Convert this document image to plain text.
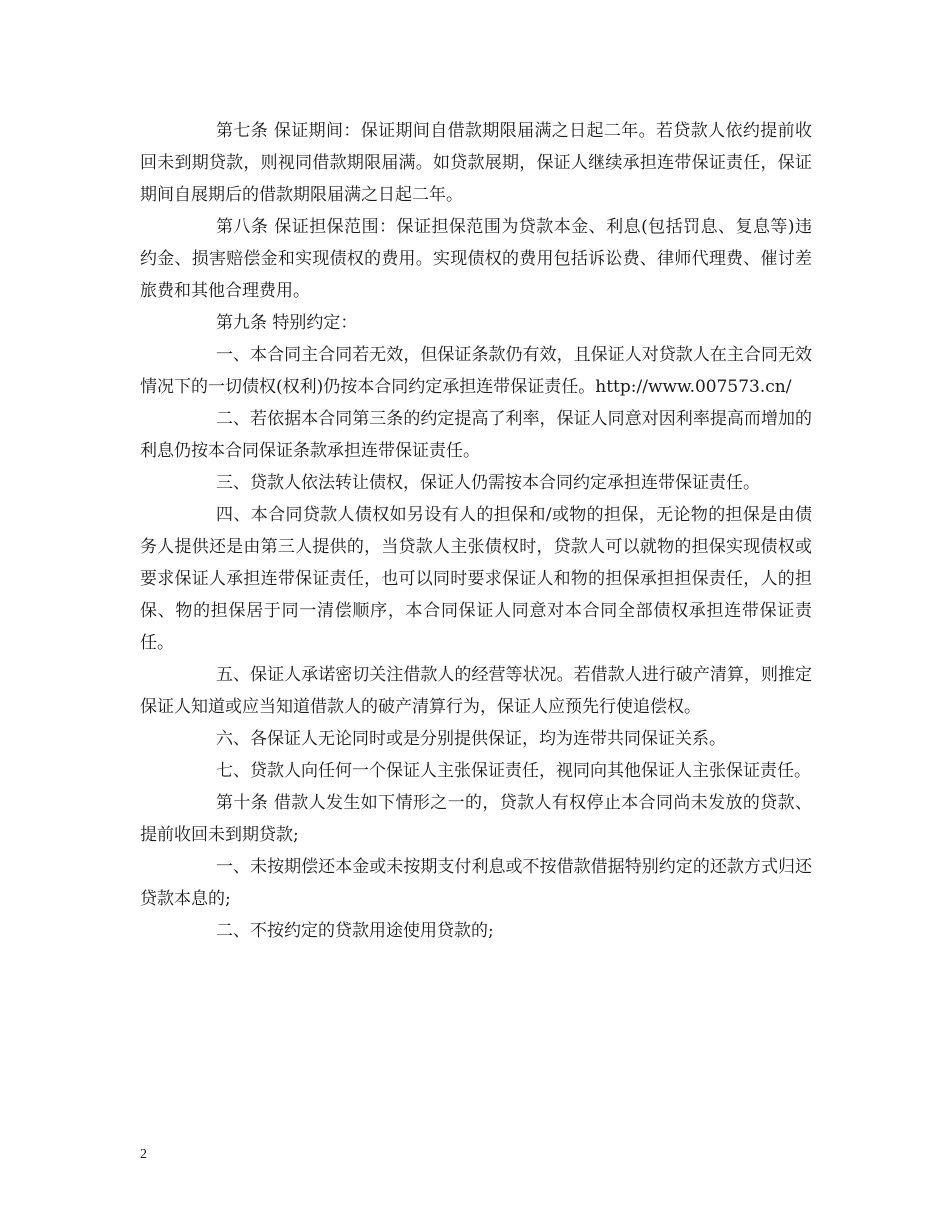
第七条 保证期间：保证期间自借款期限届满之日起二年。若贷款人依约提前收回未到期贷款，则视同借款期限届满。如贷款展期，保证人继续承担连带保证责任，保证期间自展期后的借款期限届满之日起二年。

第八条 保证担保范围：保证担保范围为贷款本金、利息(包括罚息、复息等)违约金、损害赔偿金和实现债权的费用。实现债权的费用包括诉讼费、律师代理费、催讨差旅费和其他合理费用。

第九条 特别约定：

一、本合同主合同若无效，但保证条款仍有效，且保证人对贷款人在主合同无效情况下的一切债权(权利)仍按本合同约定承担连带保证责任。http://www.007573.cn/

二、若依据本合同第三条的约定提高了利率，保证人同意对因利率提高而增加的利息仍按本合同保证条款承担连带保证责任。

三、贷款人依法转让债权，保证人仍需按本合同约定承担连带保证责任。

四、本合同贷款人债权如另设有人的担保和/或物的担保，无论物的担保是由债务人提供还是由第三人提供的，当贷款人主张债权时，贷款人可以就物的担保实现债权或要求保证人承担连带保证责任，也可以同时要求保证人和物的担保承担担保责任，人的担保、物的担保居于同一清偿顺序，本合同保证人同意对本合同全部债权承担连带保证责任。

五、保证人承诺密切关注借款人的经营等状况。若借款人进行破产清算，则推定保证人知道或应当知道借款人的破产清算行为，保证人应预先行使追偿权。

六、各保证人无论同时或是分别提供保证，均为连带共同保证关系。

七、贷款人向任何一个保证人主张保证责任，视同向其他保证人主张保证责任。

第十条 借款人发生如下情形之一的，贷款人有权停止本合同尚未发放的贷款、提前收回未到期贷款;

一、未按期偿还本金或未按期支付利息或不按借款借据特别约定的还款方式归还贷款本息的;

二、不按约定的贷款用途使用贷款的;

2
